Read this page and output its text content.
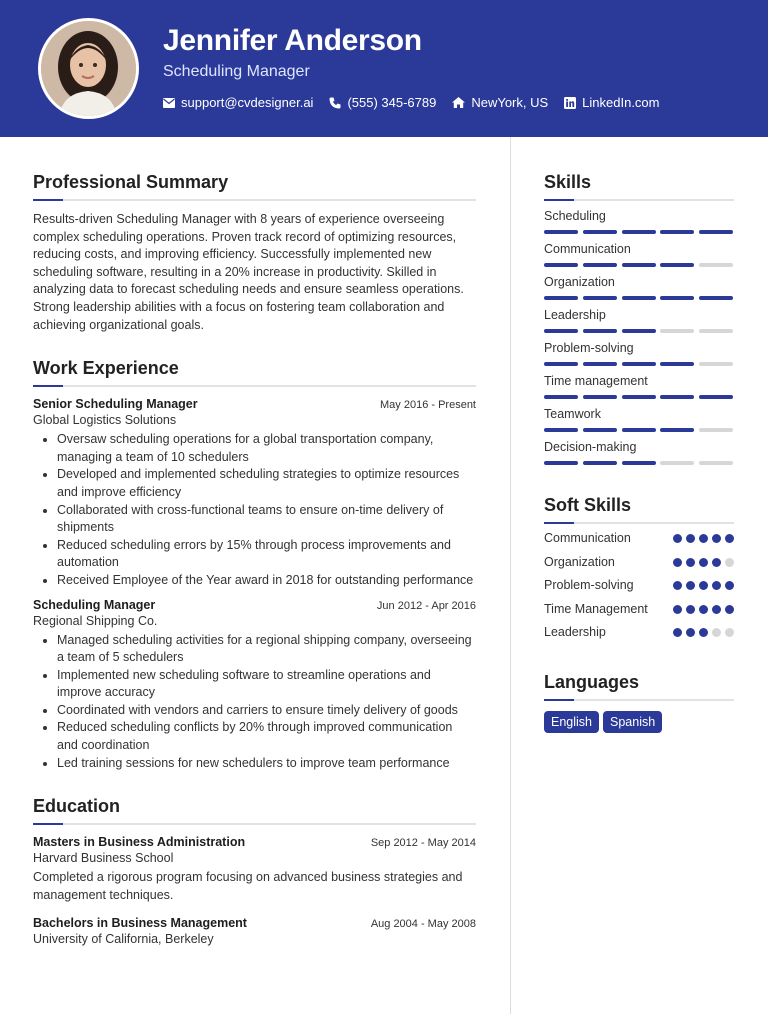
Jennifer Anderson
Scheduling Manager
support@cvdesigner.ai	(555) 345-6789	NewYork, US	LinkedIn.com
Professional Summary
Results-driven Scheduling Manager with 8 years of experience overseeing complex scheduling operations. Proven track record of optimizing resources, reducing costs, and improving efficiency. Successfully implemented new scheduling software, resulting in a 20% increase in productivity. Skilled in analyzing data to forecast scheduling needs and ensure seamless operations. Strong leadership abilities with a focus on fostering team collaboration and achieving organizational goals.
Work Experience
Senior Scheduling Manager	May 2016 - Present
Global Logistics Solutions
• Oversaw scheduling operations for a global transportation company, managing a team of 10 schedulers
• Developed and implemented scheduling strategies to optimize resources and improve efficiency
• Collaborated with cross-functional teams to ensure on-time delivery of shipments
• Reduced scheduling errors by 15% through process improvements and automation
• Received Employee of the Year award in 2018 for outstanding performance
Scheduling Manager	Jun 2012 - Apr 2016
Regional Shipping Co.
• Managed scheduling activities for a regional shipping company, overseeing a team of 5 schedulers
• Implemented new scheduling software to streamline operations and improve accuracy
• Coordinated with vendors and carriers to ensure timely delivery of goods
• Reduced scheduling conflicts by 20% through improved communication and coordination
• Led training sessions for new schedulers to improve team performance
Education
Masters in Business Administration	Sep 2012 - May 2014
Harvard Business School
Completed a rigorous program focusing on advanced business strategies and management techniques.
Bachelors in Business Management	Aug 2004 - May 2008
University of California, Berkeley
Skills
Scheduling
Communication
Organization
Leadership
Problem-solving
Time management
Teamwork
Decision-making
Soft Skills
Communication
Organization
Problem-solving
Time Management
Leadership
Languages
English	Spanish
